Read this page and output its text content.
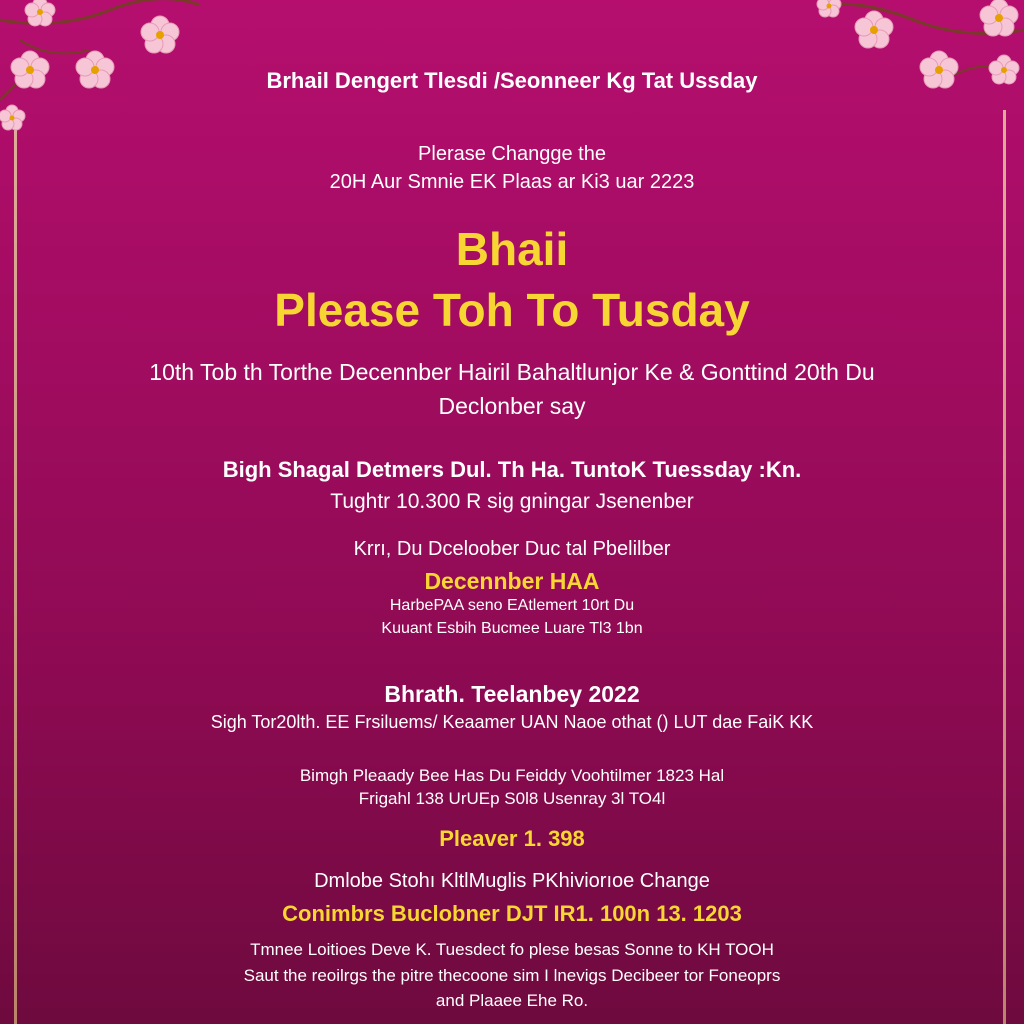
Brhail Dengert Tlesdi /Seonneer Kg Tat Ussday
Plerase Changge the
20H Aur Smnie EK Plaas ar Ki3 uar 2223
Bhaii
Please Toh To Tusday
10th Tob th Torthe Decennber Hairil Bahaltlunjor Ke & Gonttind 20th Du
Declonber say
Bigh Shagal Detmers Dul. Th Ha. TuntoK Tuessday :Kn.
Tughtr 10.300 R sig gningar Jsenenber
Krrı, Du Dceloober Duc tal Pbelilber
Decennber HAA
HarbePAA seno EAtlemert 10rt Du
Kuuant Esbih Bucmee Luare Tl3 1bn
Bhrath. Teelanbey 2022
Sigh Tor20lth. EE Frsiluems/ Keaamer UAN Naoe othat () LUT dae FaiK KK
Bimgh Pleaady Bee Has Du Feiddy Voohtilmer 1823 Hal
Frigahl 138 UrUEp S0l8 Usenray 3l TO4l
Pleaver 1. 398
Dmlobe Stohı KltlMuglis PKhiviorıoe Change
Conimbrs Buclobner DJT IR1. 100n 13. 1203
Tmnee Loitioes Deve K. Tuesdect fo plese besas Sonne to KH TOOH
Saut the reoilrgs the pitre thecoone sim I lnevigs Decibeer tor Foneoprs
and Plaaee Ehe Ro.
